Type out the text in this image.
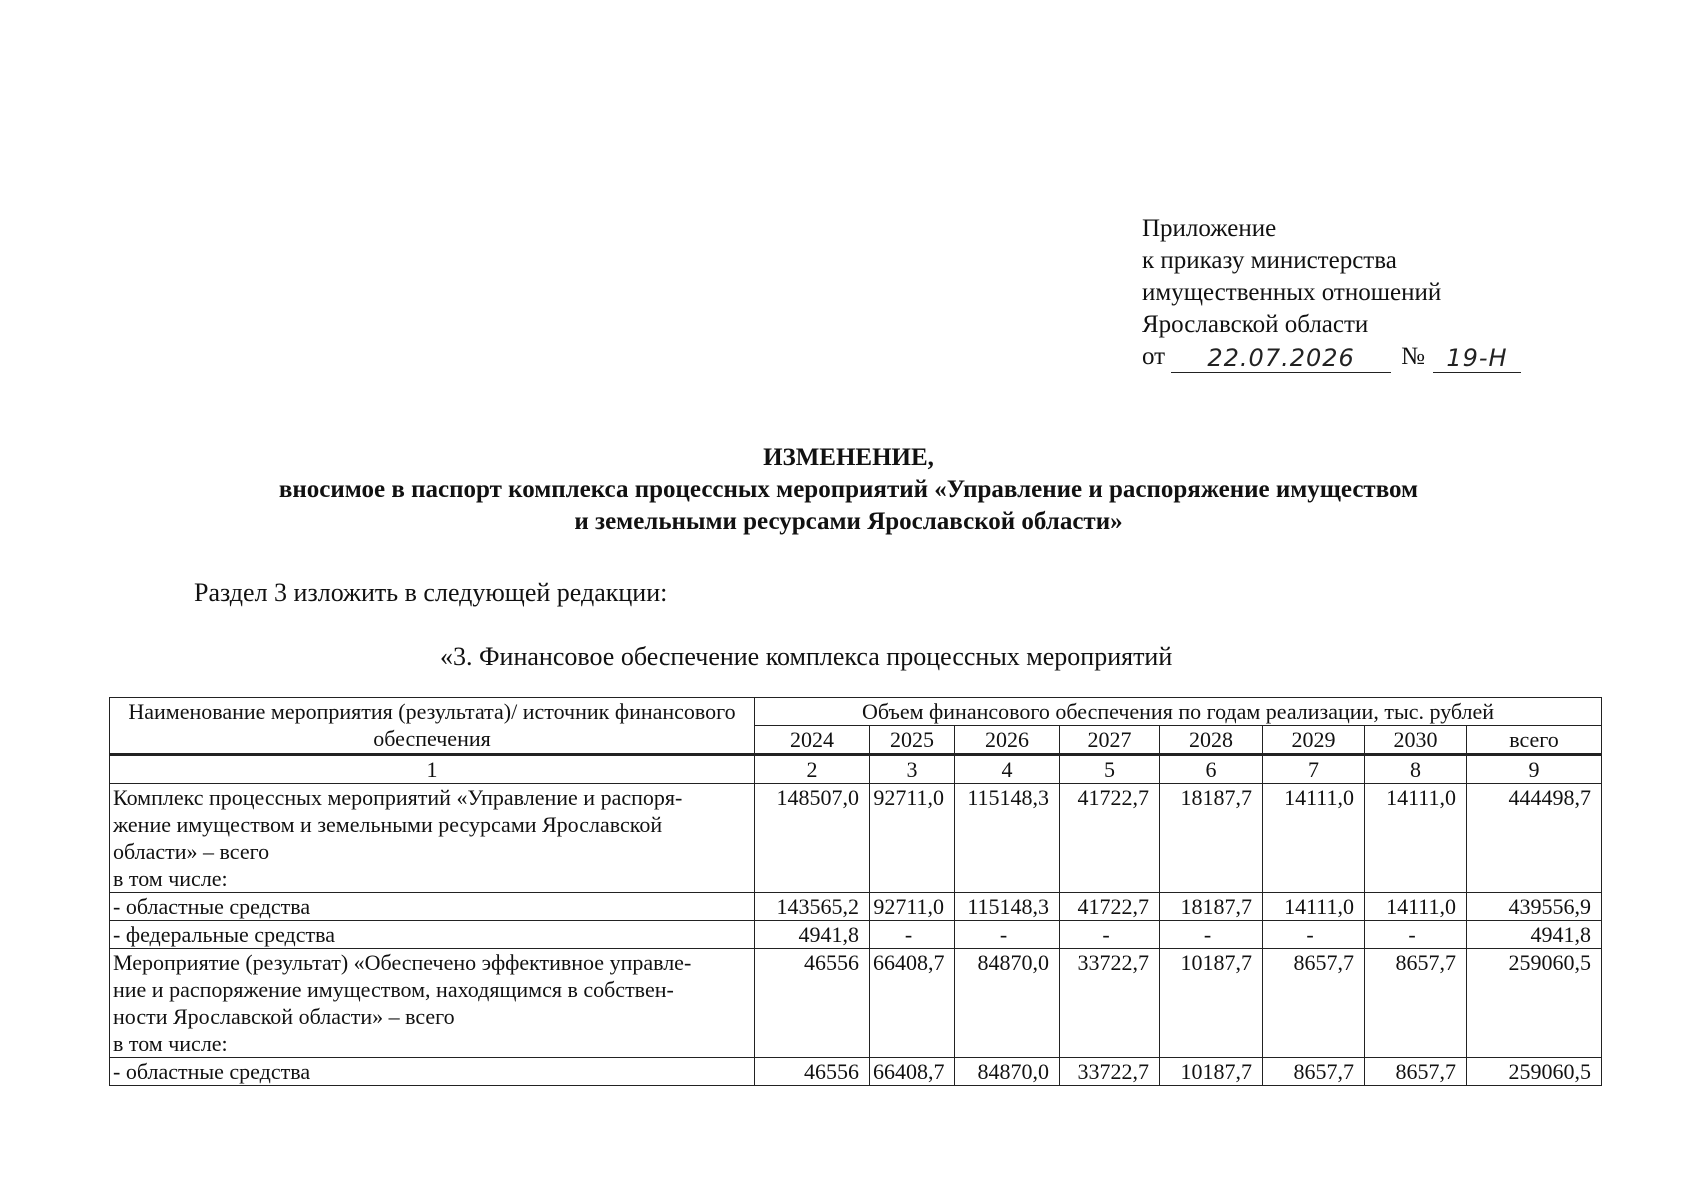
Приложение
к приказу министерства
имущественных отношений
Ярославской области
от	22.07.2026	№ 19-Н
ИЗМЕНЕНИЕ,
вносимое в паспорт комплекса процессных мероприятий «Управление и распоряжение имуществом
и земельными ресурсами Ярославской области»
Раздел 3 изложить в следующей редакции:
«3. Финансовое обеспечение комплекса процессных мероприятий
Наименование мероприятия (результата)/ источник финансового обеспечения	Объем финансового обеспечения по годам реализации, тыс. рублей							
	2024	2025	2026	2027	2028	2029	2030	всего
1	2	3	4	5	6	7	8	9

Комплекс процессных мероприятий «Управление и распоря-
жение имуществом и земельными ресурсами Ярославской
области» – всего
в том числе:	148507,0	92711,0	115148,3	41722,7	18187,7	14111,0	14111,0	444498,7

- областные средства	143565,2	92711,0	115148,3	41722,7	18187,7	14111,0	14111,0	439556,9

- федеральные средства	4941,8	-	-	-	-	-	-	4941,8

Мероприятие (результат) «Обеспечено эффективное управле-
ние и распоряжение имуществом, находящимся в собствен-
ности Ярославской области» – всего
в том числе:	46556	66408,7	84870,0	33722,7	10187,7	8657,7	8657,7	259060,5

- областные средства	46556	66408,7	84870,0	33722,7	10187,7	8657,7	8657,7	259060,5
